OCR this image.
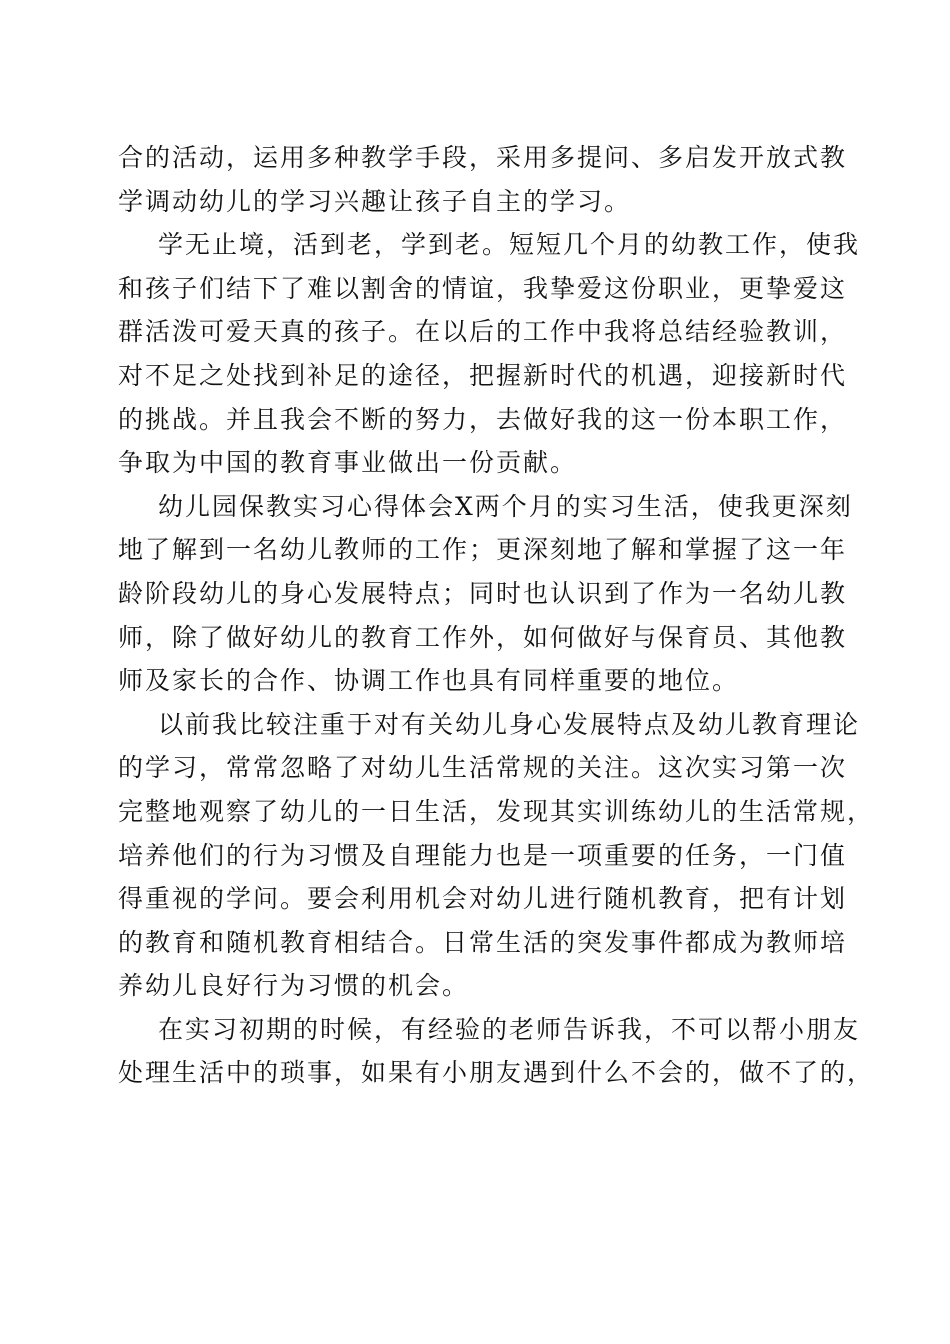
合的活动，运用多种教学手段，采用多提问、多启发开放式教
学调动幼儿的学习兴趣让孩子自主的学习。
学无止境，活到老，学到老。短短几个月的幼教工作，使我
和孩子们结下了难以割舍的情谊，我挚爱这份职业，更挚爱这
群活泼可爱天真的孩子。在以后的工作中我将总结经验教训，
对不足之处找到补足的途径，把握新时代的机遇，迎接新时代
的挑战。并且我会不断的努力，去做好我的这一份本职工作，
争取为中国的教育事业做出一份贡献。
幼儿园保教实习心得体会X两个月的实习生活，使我更深刻
地了解到一名幼儿教师的工作；更深刻地了解和掌握了这一年
龄阶段幼儿的身心发展特点；同时也认识到了作为一名幼儿教
师，除了做好幼儿的教育工作外，如何做好与保育员、其他教
师及家长的合作、协调工作也具有同样重要的地位。
以前我比较注重于对有关幼儿身心发展特点及幼儿教育理论
的学习，常常忽略了对幼儿生活常规的关注。这次实习第一次
完整地观察了幼儿的一日生活，发现其实训练幼儿的生活常规，
培养他们的行为习惯及自理能力也是一项重要的任务，一门值
得重视的学问。要会利用机会对幼儿进行随机教育，把有计划
的教育和随机教育相结合。日常生活的突发事件都成为教师培
养幼儿良好行为习惯的机会。
在实习初期的时候，有经验的老师告诉我，不可以帮小朋友
处理生活中的琐事，如果有小朋友遇到什么不会的，做不了的，
